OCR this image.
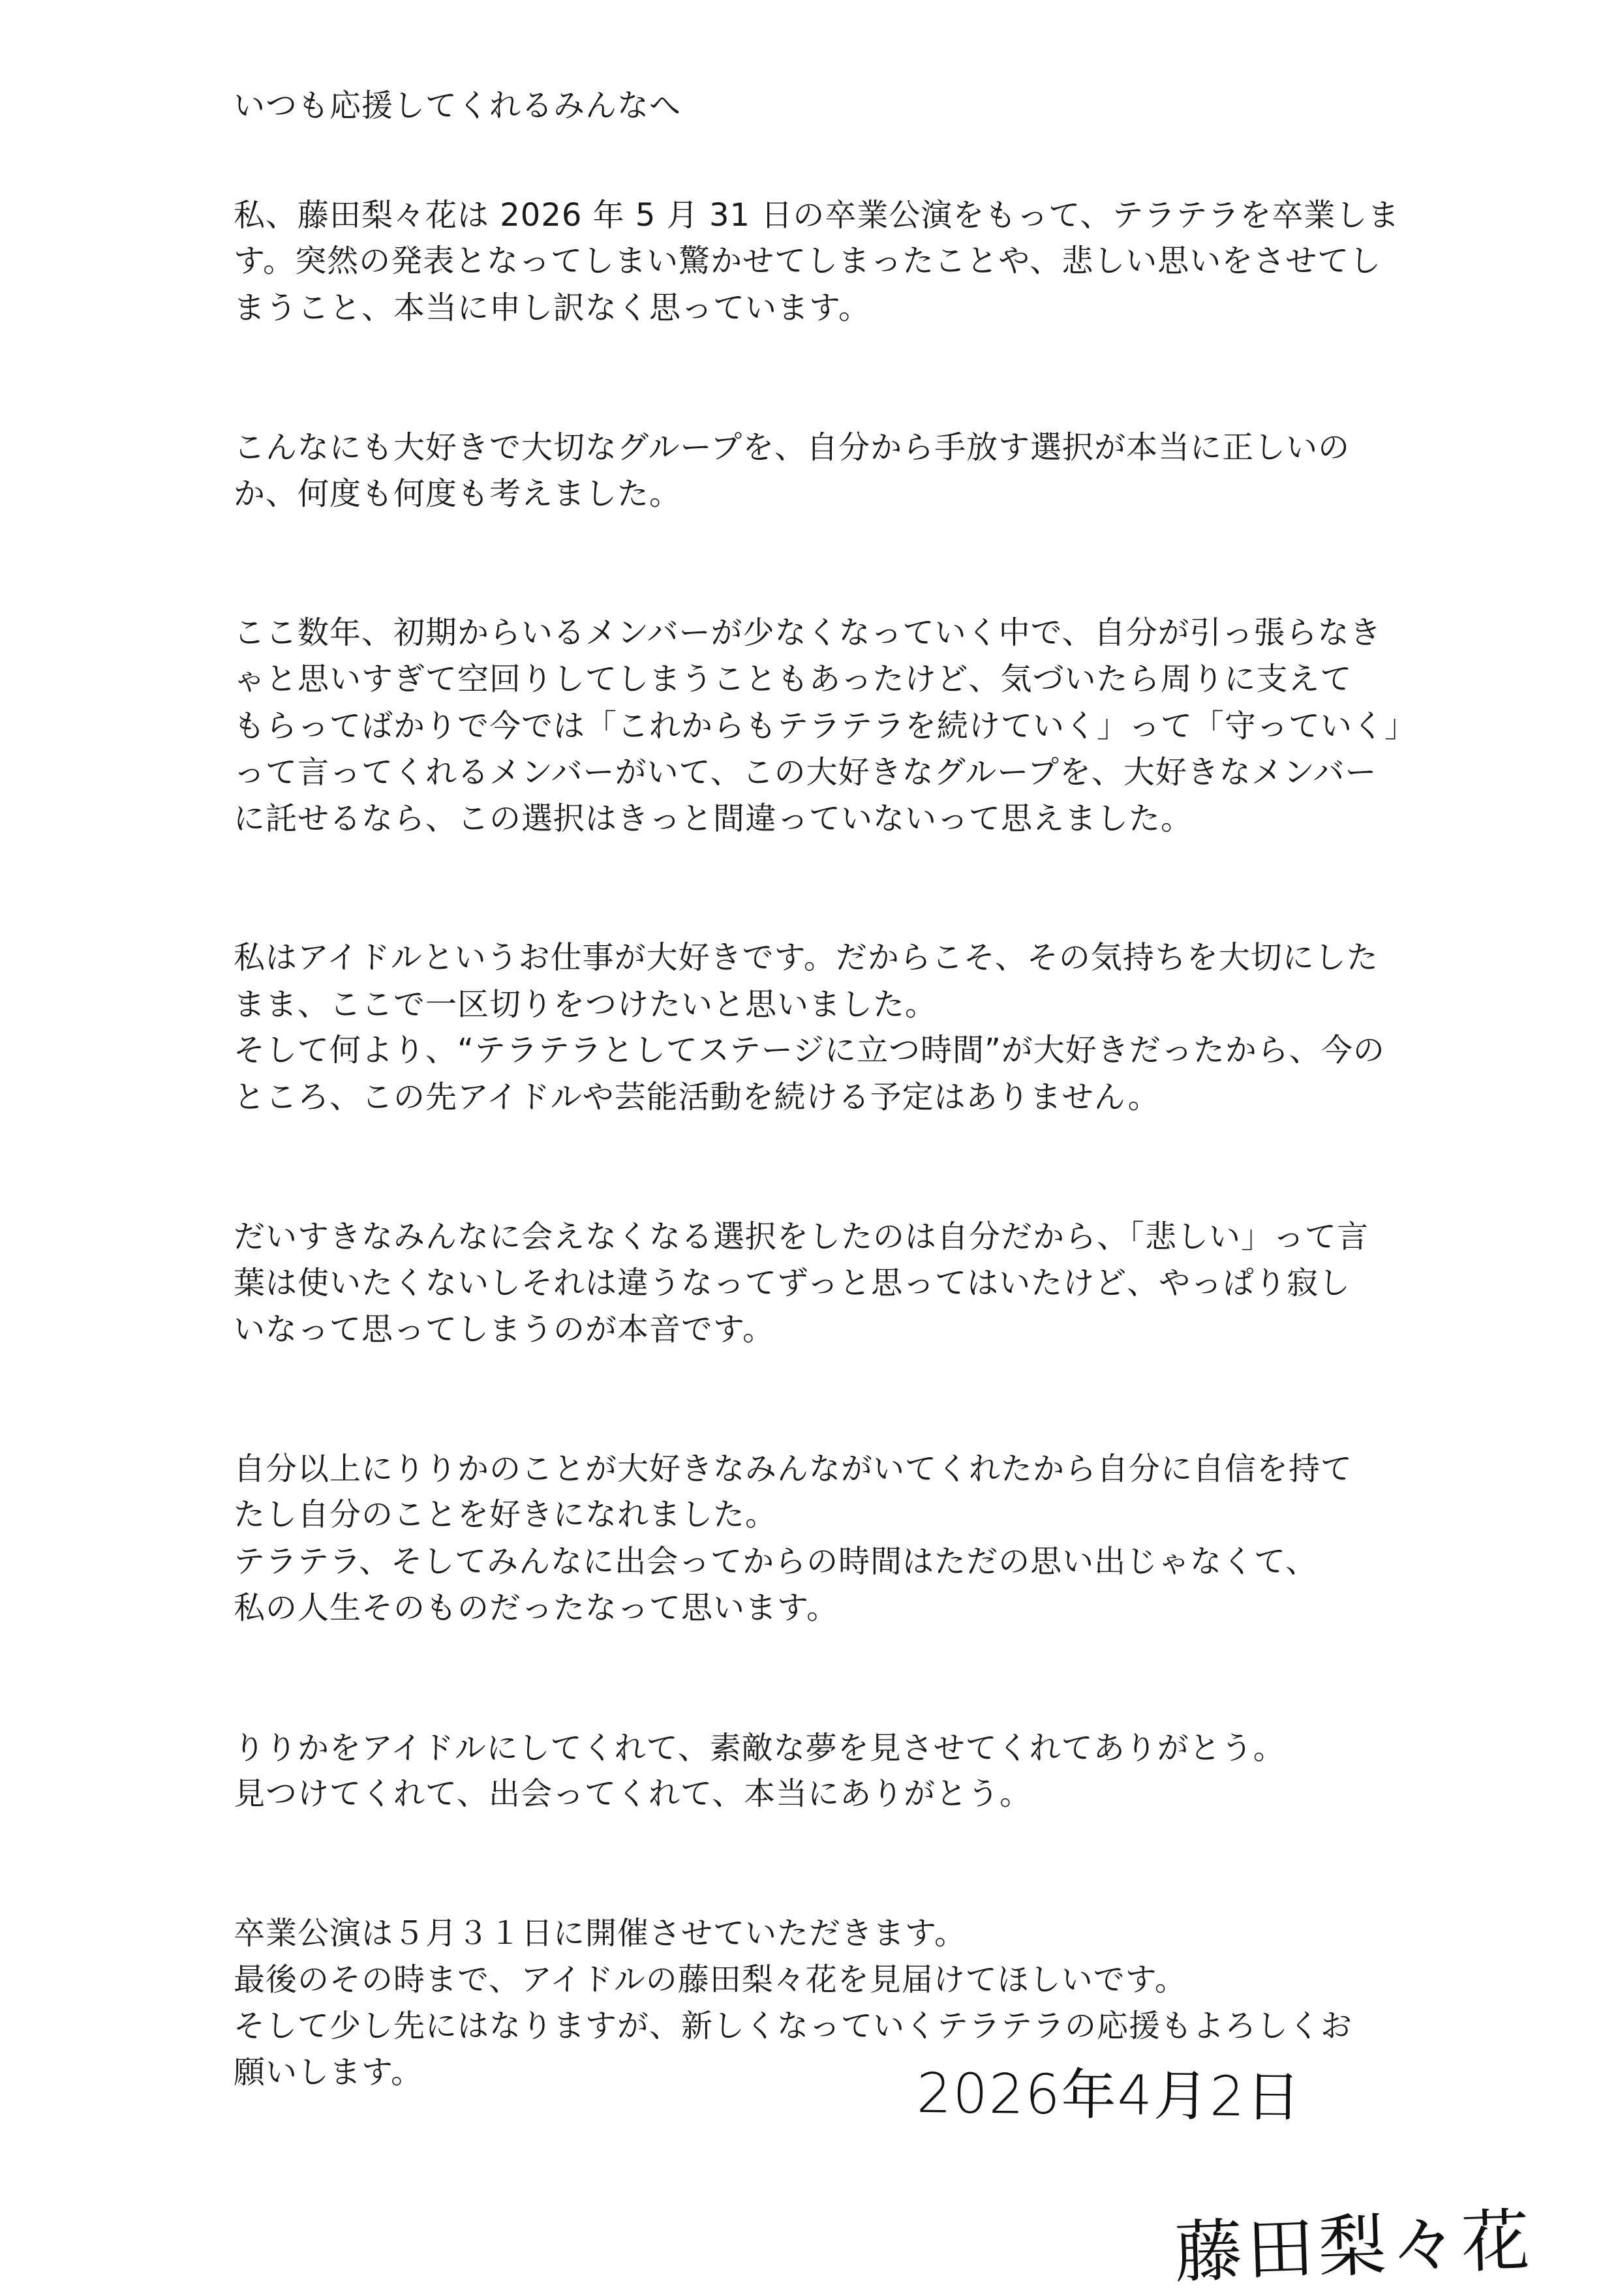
いつも応援してくれるみんなへ
私、藤田梨々花は 2026 年 5 月 31 日の卒業公演をもって、テラテラを卒業しま
す。突然の発表となってしまい驚かせてしまったことや、悲しい思いをさせてし
まうこと、本当に申し訳なく思っています。
こんなにも大好きで大切なグループを、自分から手放す選択が本当に正しいの
か、何度も何度も考えました。
ここ数年、初期からいるメンバーが少なくなっていく中で、自分が引っ張らなき
ゃと思いすぎて空回りしてしまうこともあったけど、気づいたら周りに支えて
もらってばかりで今では「これからもテラテラを続けていく」って「守っていく」
って言ってくれるメンバーがいて、この大好きなグループを、大好きなメンバー
に託せるなら、この選択はきっと間違っていないって思えました。
私はアイドルというお仕事が大好きです。だからこそ、その気持ちを大切にした
まま、ここで一区切りをつけたいと思いました。
そして何より、“テラテラとしてステージに立つ時間”が大好きだったから、今の
ところ、この先アイドルや芸能活動を続ける予定はありません。
だいすきなみんなに会えなくなる選択をしたのは自分だから、「悲しい」って言
葉は使いたくないしそれは違うなってずっと思ってはいたけど、やっぱり寂し
いなって思ってしまうのが本音です。
自分以上にりりかのことが大好きなみんながいてくれたから自分に自信を持て
たし自分のことを好きになれました。
テラテラ、そしてみんなに出会ってからの時間はただの思い出じゃなくて、
私の人生そのものだったなって思います。
りりかをアイドルにしてくれて、素敵な夢を見させてくれてありがとう。
見つけてくれて、出会ってくれて、本当にありがとう。
卒業公演は５月３１日に開催させていただきます。
最後のその時まで、アイドルの藤田梨々花を見届けてほしいです。
そして少し先にはなりますが、新しくなっていくテラテラの応援もよろしくお
願いします。	2026年4月2日
藤田梨々花
